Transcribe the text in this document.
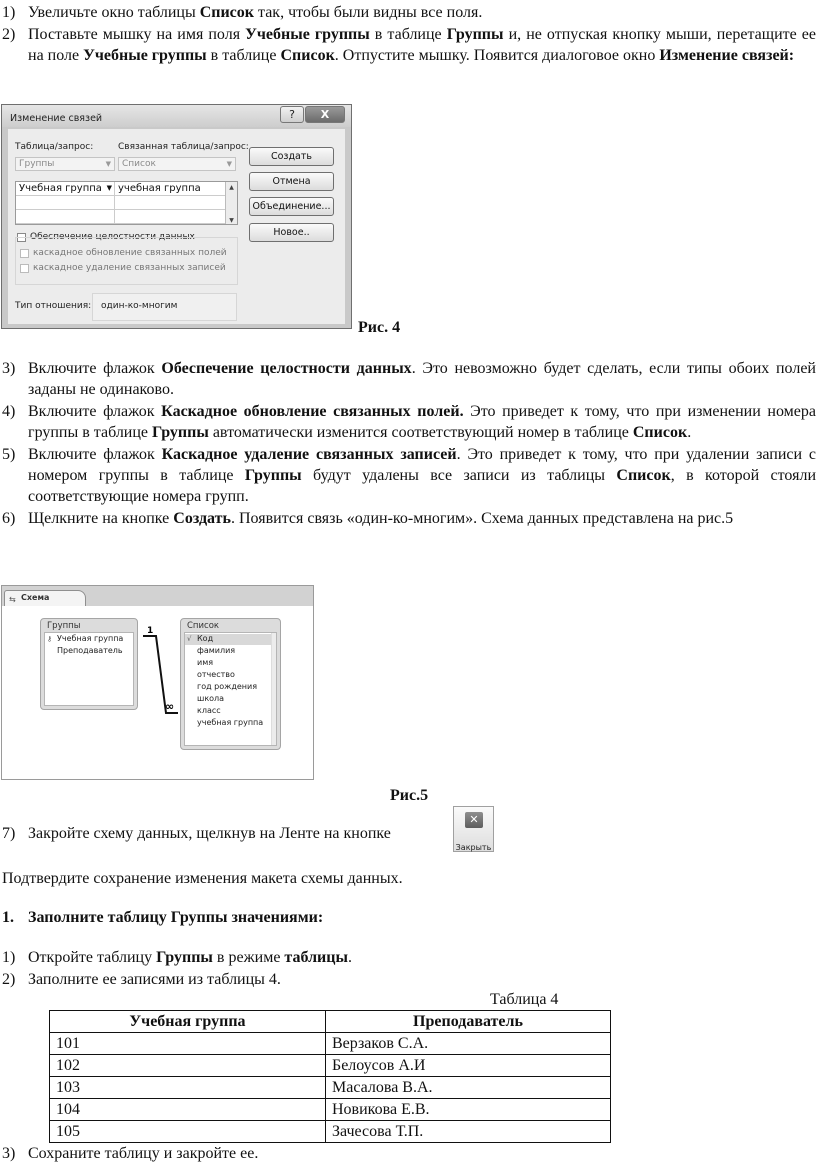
1) Увеличьте окно таблицы Список так, чтобы были видны все поля.
2) Поставьте мышку на имя поля Учебные группы в таблице Группы и, не отпуская кнопку мыши, перетащите ее на поле Учебные группы в таблице Список. Отпустите мышку. Появится диалоговое окно Изменение связей:
Изменение связей	?	X
Таблица/запрос:	Связанная таблица/запрос:
Группы	▼	Список	▼
Учебная группа ▼ учебная группа	▲
▼
Обеспечение целостности данных
каскадное обновление связанных полей
каскадное удаление связанных записей
Тип отношения: один-ко-многим
Создать
Отмена
Объединение...
Новое..
Рис. 4
3) Включите флажок Обеспечение целостности данных. Это невозможно будет сделать, если типы обоих полей заданы не одинаково.
4) Включите флажок Каскадное обновление связанных полей. Это приведет к тому, что при изменении номера группы в таблице Группы автоматически изменится соответствующий номер в таблице Список.
5) Включите флажок Каскадное удаление связанных записей. Это приведет к тому, что при удалении записи с номером группы в таблице Группы будут удалены все записи из таблицы Список, в которой стояли соответствующие номера групп.
6) Щелкните на кнопке Создать. Появится связь «один-ко-многим». Схема данных представлена на рис.5
⇆ Схема
Группы
⚷ Учебная группа
Преподаватель
Список
√ Код
фамилия
имя
отчество
год рождения
школа
класс
учебная группа
1
∞
Рис.5
7) Закройте схему данных, щелкнув на Ленте на кнопке
✕
Закрыть
Подтвердите сохранение изменения макета схемы данных.
1. Заполните таблицу Группы значениями:
1) Откройте таблицу Группы в режиме таблицы.
2) Заполните ее записями из таблицы 4.
Таблица 4
Учебная группа	Преподаватель
101	Верзаков С.А.
102	Белоусов А.И
103	Масалова В.А.
104	Новикова Е.В.
105	Зачесова Т.П.
3) Сохраните таблицу и закройте ее.
